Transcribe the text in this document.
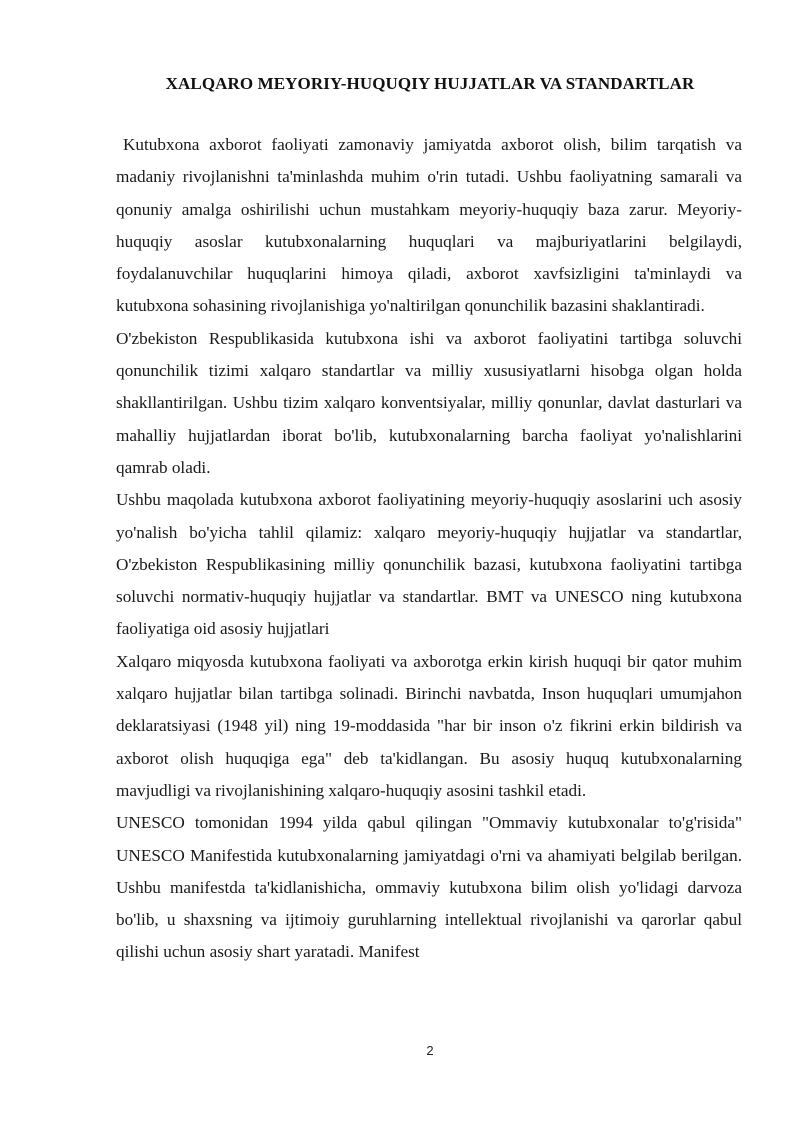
XALQARO MEYORIY-HUQUQIY HUJJATLAR VA STANDARTLAR

Kutubxona axborot faoliyati zamonaviy jamiyatda axborot olish, bilim tarqatish va madaniy rivojlanishni ta'minlashda muhim o'rin tutadi. Ushbu faoliyatning samarali va qonuniy amalga oshirilishi uchun mustahkam meyoriy-huquqiy baza zarur. Meyoriy-huquqiy asoslar kutubxonalarning huquqlari va majburiyatlarini belgilaydi, foydalanuvchilar huquqlarini himoya qiladi, axborot xavfsizligini ta'minlaydi va kutubxona sohasining rivojlanishiga yo'naltirilgan qonunchilik bazasini shaklantiradi.

O'zbekiston Respublikasida kutubxona ishi va axborot faoliyatini tartibga soluvchi qonunchilik tizimi xalqaro standartlar va milliy xususiyatlarni hisobga olgan holda shakllantirilgan. Ushbu tizim xalqaro konventsiyalar, milliy qonunlar, davlat dasturlari va mahalliy hujjatlardan iborat bo'lib, kutubxonalarning barcha faoliyat yo'nalishlarini qamrab oladi.

Ushbu maqolada kutubxona axborot faoliyatining meyoriy-huquqiy asoslarini uch asosiy yo'nalish bo'yicha tahlil qilamiz: xalqaro meyoriy-huquqiy hujjatlar va standartlar, O'zbekiston Respublikasining milliy qonunchilik bazasi, kutubxona faoliyatini tartibga soluvchi normativ-huquqiy hujjatlar va standartlar. BMT va UNESCO ning kutubxona faoliyatiga oid asosiy hujjatlari

Xalqaro miqyosda kutubxona faoliyati va axborotga erkin kirish huquqi bir qator muhim xalqaro hujjatlar bilan tartibga solinadi. Birinchi navbatda, Inson huquqlari umumjahon deklaratsiyasi (1948 yil) ning 19-moddasida "har bir inson o'z fikrini erkin bildirish va axborot olish huquqiga ega" deb ta'kidlangan. Bu asosiy huquq kutubxonalarning mavjudligi va rivojlanishining xalqaro-huquqiy asosini tashkil etadi.

UNESCO tomonidan 1994 yilda qabul qilingan "Ommaviy kutubxonalar to'g'risida" UNESCO Manifestida kutubxonalarning jamiyatdagi o'rni va ahamiyati belgilab berilgan. Ushbu manifestda ta'kidlanishicha, ommaviy kutubxona bilim olish yo'lidagi darvoza bo'lib, u shaxsning va ijtimoiy guruhlarning intellektual rivojlanishi va qarorlar qabul qilishi uchun asosiy shart yaratadi. Manifest

2
